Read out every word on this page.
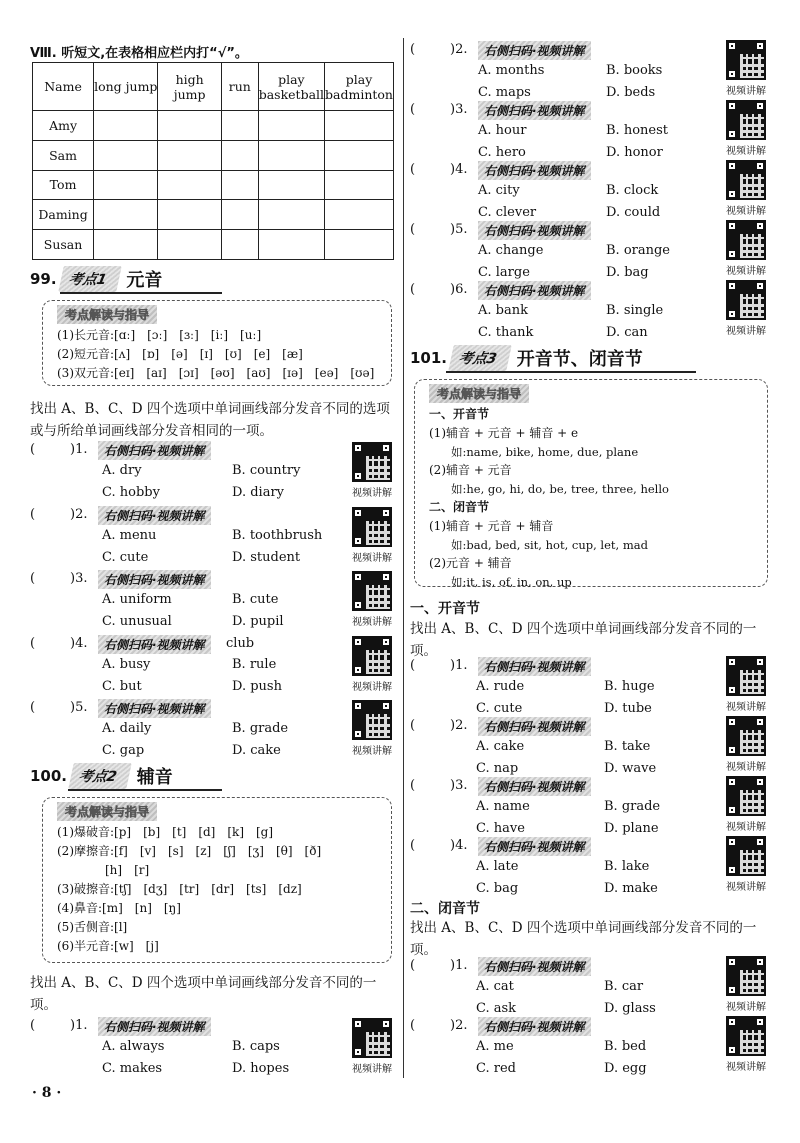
Ⅷ. 听短文,在表格相应栏内打“√”。
Name	long jump	high jump	run	play basketball	play badminton
Amy					
Sam					
Tom					
Daming					
Susan					
99. 考点1	元音
考点解读与指导
(1)长元音:[ɑː]　[ɔː]　[ɜː]　[iː]　[uː]
(2)短元音:[ʌ]　[ɒ]　[ə]　[ɪ]　[ʊ]　[e]　[æ]
(3)双元音:[eɪ]　[aɪ]　[ɔɪ]　[əʊ]　[aʊ]　[ɪə]　[eə]　[ʊə]
找出 A、B、C、D 四个选项中单词画线部分发音不同的选项或与所给单词画线部分发音相同的一项。
(	)1.	右侧扫码·视频讲解
A. dry	B. country
C. hobby	D. diary	视频讲解
(	)2.	右侧扫码·视频讲解
A. menu	B. toothbrush
C. cute	D. student	视频讲解
(	)3.	右侧扫码·视频讲解
A. uniform	B. cute
C. unusual	D. pupil	视频讲解
(	)4.	右侧扫码·视频讲解	club
A. busy	B. rule
C. but	D. push	视频讲解
(	)5.	右侧扫码·视频讲解
A. daily	B. grade
C. gap	D. cake	视频讲解
100. 考点2	辅音
考点解读与指导
(1)爆破音:[p]　[b]　[t]　[d]　[k]　[g]
(2)摩擦音:[f]　[v]　[s]　[z]　[ʃ]　[ʒ]　[θ]　[ð]
　　　　[h]　[r]
(3)破擦音:[tʃ]　[dʒ]　[tr]　[dr]　[ts]　[dz]
(4)鼻音:[m]　[n]　[ŋ]
(5)舌侧音:[l]
(6)半元音:[w]　[j]
找出 A、B、C、D 四个选项中单词画线部分发音不同的一项。
(	)1.	右侧扫码·视频讲解
A. always	B. caps
C. makes	D. hopes	视频讲解
· 8 ·
(	)2.	右侧扫码·视频讲解
A. months	B. books
C. maps	D. beds	视频讲解
(	)3.	右侧扫码·视频讲解
A. hour	B. honest
C. hero	D. honor	视频讲解
(	)4.	右侧扫码·视频讲解
A. city	B. clock
C. clever	D. could	视频讲解
(	)5.	右侧扫码·视频讲解
A. change	B. orange
C. large	D. bag	视频讲解
(	)6.	右侧扫码·视频讲解
A. bank	B. single
C. thank	D. can	视频讲解
101. 考点3	开音节、闭音节
考点解读与指导
一、开音节
(1)辅音 + 元音 + 辅音 + e
如:name, bike, home, due, plane
(2)辅音 + 元音
如:he, go, hi, do, be, tree, three, hello
二、闭音节
(1)辅音 + 元音 + 辅音
如:bad, bed, sit, hot, cup, let, mad
(2)元音 + 辅音
如:it, is, of, in, on, up
一、开音节
找出 A、B、C、D 四个选项中单词画线部分发音不同的一项。
(	)1.	右侧扫码·视频讲解
A. rude	B. huge
C. cute	D. tube	视频讲解
(	)2.	右侧扫码·视频讲解
A. cake	B. take
C. nap	D. wave	视频讲解
(	)3.	右侧扫码·视频讲解
A. name	B. grade
C. have	D. plane	视频讲解
(	)4.	右侧扫码·视频讲解
A. late	B. lake
C. bag	D. make	视频讲解
二、闭音节
找出 A、B、C、D 四个选项中单词画线部分发音不同的一项。
(	)1.	右侧扫码·视频讲解
A. cat	B. car
C. ask	D. glass	视频讲解
(	)2.	右侧扫码·视频讲解
A. me	B. bed
C. red	D. egg	视频讲解
